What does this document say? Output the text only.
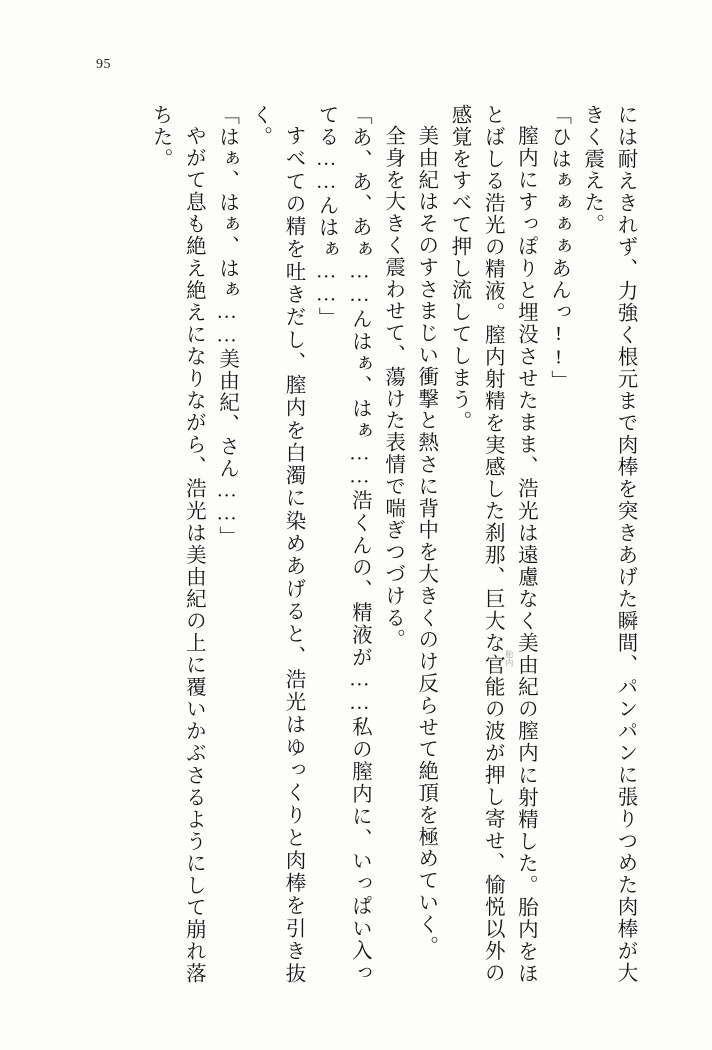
95

には耐えきれず、力強く根元まで肉棒を突きあげた瞬間、パンパンに張りつめた肉棒が大きく震えた。

「ひはぁぁぁぁあんっ!!」

膣内にすっぽりと埋没させたまま、浩光は遠慮なく美由紀の膣内に射精した。胎内をほとばしる浩光の精液。膣内射精を実感した刹那、巨大な官能の波が押し寄せ、愉悦以外の感覚をすべて押し流してしまう。

美由紀はそのすさまじい衝撃と熱さに背中を大きくのけ反らせて絶頂を極めていく。

全身を大きく震わせて、蕩けた表情で喘ぎつづける。

「あ、あ、あぁ……んはぁ、はぁ……浩くんの、精液が……私の膣内に、いっぱい入ってる……んはぁ……」

すべての精を吐きだし、膣内を白濁に染めあげると、浩光はゆっくりと肉棒を引き抜く。

「はぁ、はぁ、はぁ……美由紀、さん……」

やがて息も絶え絶えになりながら、浩光は美由紀の上に覆いかぶさるようにして崩れ落ちた。

胎内
